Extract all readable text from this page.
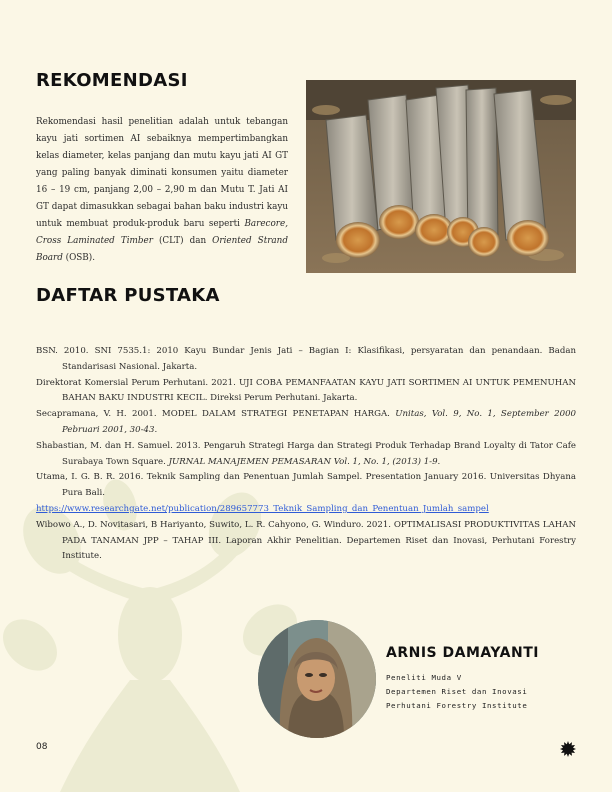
REKOMENDASI

Rekomendasi hasil penelitian adalah untuk tebangan kayu jati sortimen AI sebaiknya mempertimbangkan kelas diameter, kelas panjang dan mutu kayu jati AI GT yang paling banyak diminati konsumen yaitu diameter 16 – 19 cm, panjang 2,00 – 2,90 m dan Mutu T. Jati AI GT dapat dimasukkan sebagai bahan baku industri kayu untuk membuat produk-produk baru seperti Barecore, Cross Laminated Timber (CLT) dan Oriented Strand Board (OSB).

DAFTAR PUSTAKA

BSN. 2010. SNI 7535.1: 2010 Kayu Bundar Jenis Jati – Bagian I: Klasifikasi, persyaratan dan penandaan. Badan Standarisasi Nasional. Jakarta.

Direktorat Komersial Perum Perhutani. 2021. UJI COBA PEMANFAATAN KAYU JATI SORTIMEN AI UNTUK PEMENUHAN BAHAN BAKU INDUSTRI KECIL. Direksi Perum Perhutani. Jakarta.

Secapramana, V. H. 2001. MODEL DALAM STRATEGI PENETAPAN HARGA. Unitas, Vol. 9, No. 1, September 2000 Pebruari 2001, 30-43.

Shabastian, M. dan H. Samuel. 2013. Pengaruh Strategi Harga dan Strategi Produk Terhadap Brand Loyalty di Tator Cafe Surabaya Town Square. JURNAL MANAJEMEN PEMASARAN Vol. 1, No. 1, (2013) 1-9.

Utama, I. G. B. R. 2016. Teknik Sampling dan Penentuan Jumlah Sampel. Presentation January 2016. Universitas Dhyana Pura Bali.
https://www.researchgate.net/publication/289657773_Teknik_Sampling_dan_Penentuan_Jumlah_sampel

Wibowo A., D. Novitasari, B Hariyanto, Suwito, L. R. Cahyono, G. Winduro. 2021. OPTIMALISASI PRODUKTIVITAS LAHAN PADA TANAMAN JPP – TAHAP III. Laporan Akhir Penelitian. Departemen Riset dan Inovasi, Perhutani Forestry Institute.

ARNIS DAMAYANTI
Peneliti Muda V
Departemen Riset dan Inovasi
Perhutani Forestry Institute
08
